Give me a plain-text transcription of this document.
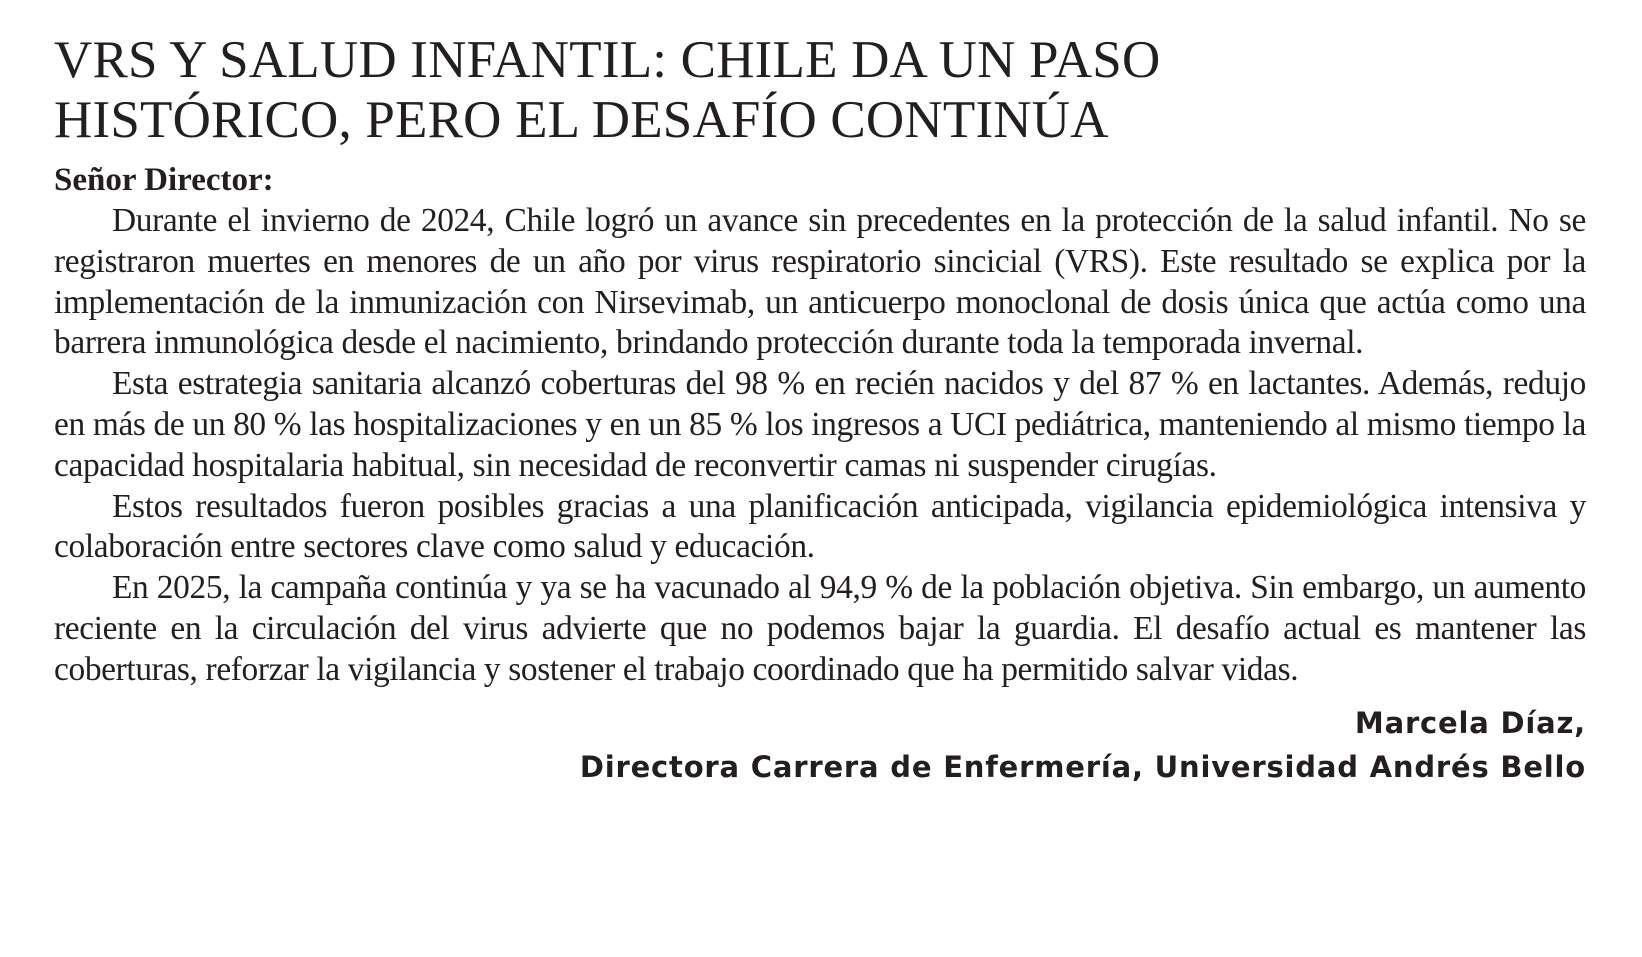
VRS Y SALUD INFANTIL: CHILE DA UN PASO HISTÓRICO, PERO EL DESAFÍO CONTINÚA
Señor Director:

Durante el invierno de 2024, Chile logró un avance sin precedentes en la protección de la salud infantil. No se registraron muertes en menores de un año por virus respiratorio sincicial (VRS). Este resultado se explica por la implementación de la inmunización con Nirsevimab, un anticuerpo monoclonal de dosis única que actúa como una barrera inmunológica desde el nacimiento, brindando protección durante toda la temporada invernal.

Esta estrategia sanitaria alcanzó coberturas del 98 % en recién nacidos y del 87 % en lactantes. Además, redujo en más de un 80 % las hospitalizaciones y en un 85 % los ingresos a UCI pediátrica, manteniendo al mismo tiempo la capacidad hospitalaria habitual, sin necesidad de reconvertir camas ni suspender cirugías.

Estos resultados fueron posibles gracias a una planificación anticipada, vigilancia epidemiológica intensiva y colaboración entre sectores clave como salud y educación.

En 2025, la campaña continúa y ya se ha vacunado al 94,9 % de la población objetiva. Sin embargo, un aumento reciente en la circulación del virus advierte que no podemos bajar la guardia. El desafío actual es mantener las coberturas, reforzar la vigilancia y sostener el trabajo coordinado que ha permitido salvar vidas.

Marcela Díaz,
Directora Carrera de Enfermería, Universidad Andrés Bello
